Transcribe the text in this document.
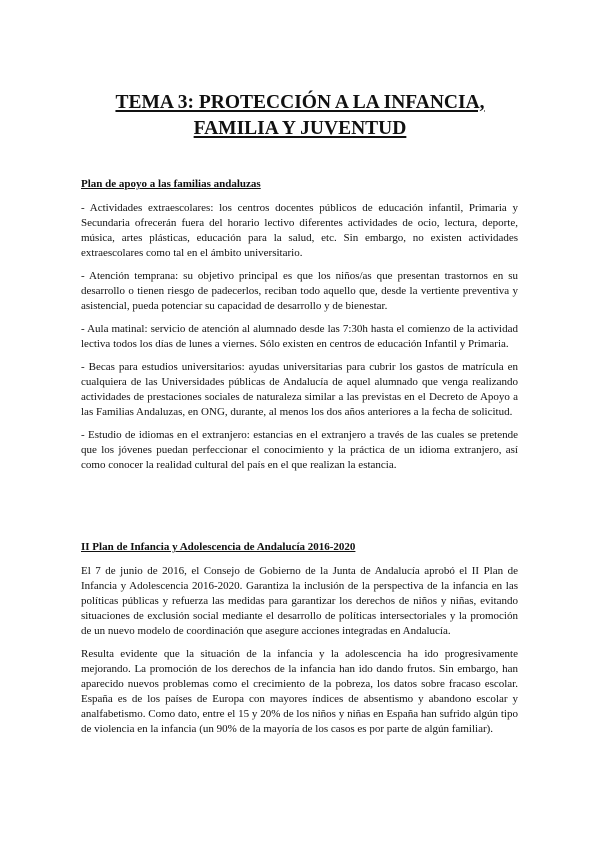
TEMA 3: PROTECCIÓN A LA INFANCIA,
FAMILIA Y JUVENTUD

Plan de apoyo a las familias andaluzas

- Actividades extraescolares: los centros docentes públicos de educación infantil, Primaria y Secundaria ofrecerán fuera del horario lectivo diferentes actividades de ocio, lectura, deporte, música, artes plásticas, educación para la salud, etc. Sin embargo, no existen actividades extraescolares como tal en el ámbito universitario.

- Atención temprana: su objetivo principal es que los niños/as que presentan trastornos en su desarrollo o tienen riesgo de padecerlos, reciban todo aquello que, desde la vertiente preventiva y asistencial, pueda potenciar su capacidad de desarrollo y de bienestar.

- Aula matinal: servicio de atención al alumnado desde las 7:30h hasta el comienzo de la actividad lectiva todos los días de lunes a viernes. Sólo existen en centros de educación Infantil y Primaria.

- Becas para estudios universitarios: ayudas universitarias para cubrir los gastos de matrícula en cualquiera de las Universidades públicas de Andalucía de aquel alumnado que venga realizando actividades de prestaciones sociales de naturaleza similar a las previstas en el Decreto de Apoyo a las Familias Andaluzas, en ONG, durante, al menos los dos años anteriores a la fecha de solicitud.

- Estudio de idiomas en el extranjero: estancias en el extranjero a través de las cuales se pretende que los jóvenes puedan perfeccionar el conocimiento y la práctica de un idioma extranjero, así como conocer la realidad cultural del país en el que realizan la estancia.

II Plan de Infancia y Adolescencia de Andalucía 2016-2020

El 7 de junio de 2016, el Consejo de Gobierno de la Junta de Andalucía aprobó el II Plan de Infancia y Adolescencia 2016-2020. Garantiza la inclusión de la perspectiva de la infancia en las políticas públicas y refuerza las medidas para garantizar los derechos de niños y niñas, evitando situaciones de exclusión social mediante el desarrollo de políticas intersectoriales y la promoción de un nuevo modelo de coordinación que asegure acciones integradas en Andalucía.

Resulta evidente que la situación de la infancia y la adolescencia ha ido progresivamente mejorando. La promoción de los derechos de la infancia han ido dando frutos. Sin embargo, han aparecido nuevos problemas como el crecimiento de la pobreza, los datos sobre fracaso escolar. España es de los países de Europa con mayores índices de absentismo y abandono escolar y analfabetismo. Como dato, entre el 15 y 20% de los niños y niñas en España han sufrido algún tipo de violencia en la infancia (un 90% de la mayoría de los casos es por parte de algún familiar).
